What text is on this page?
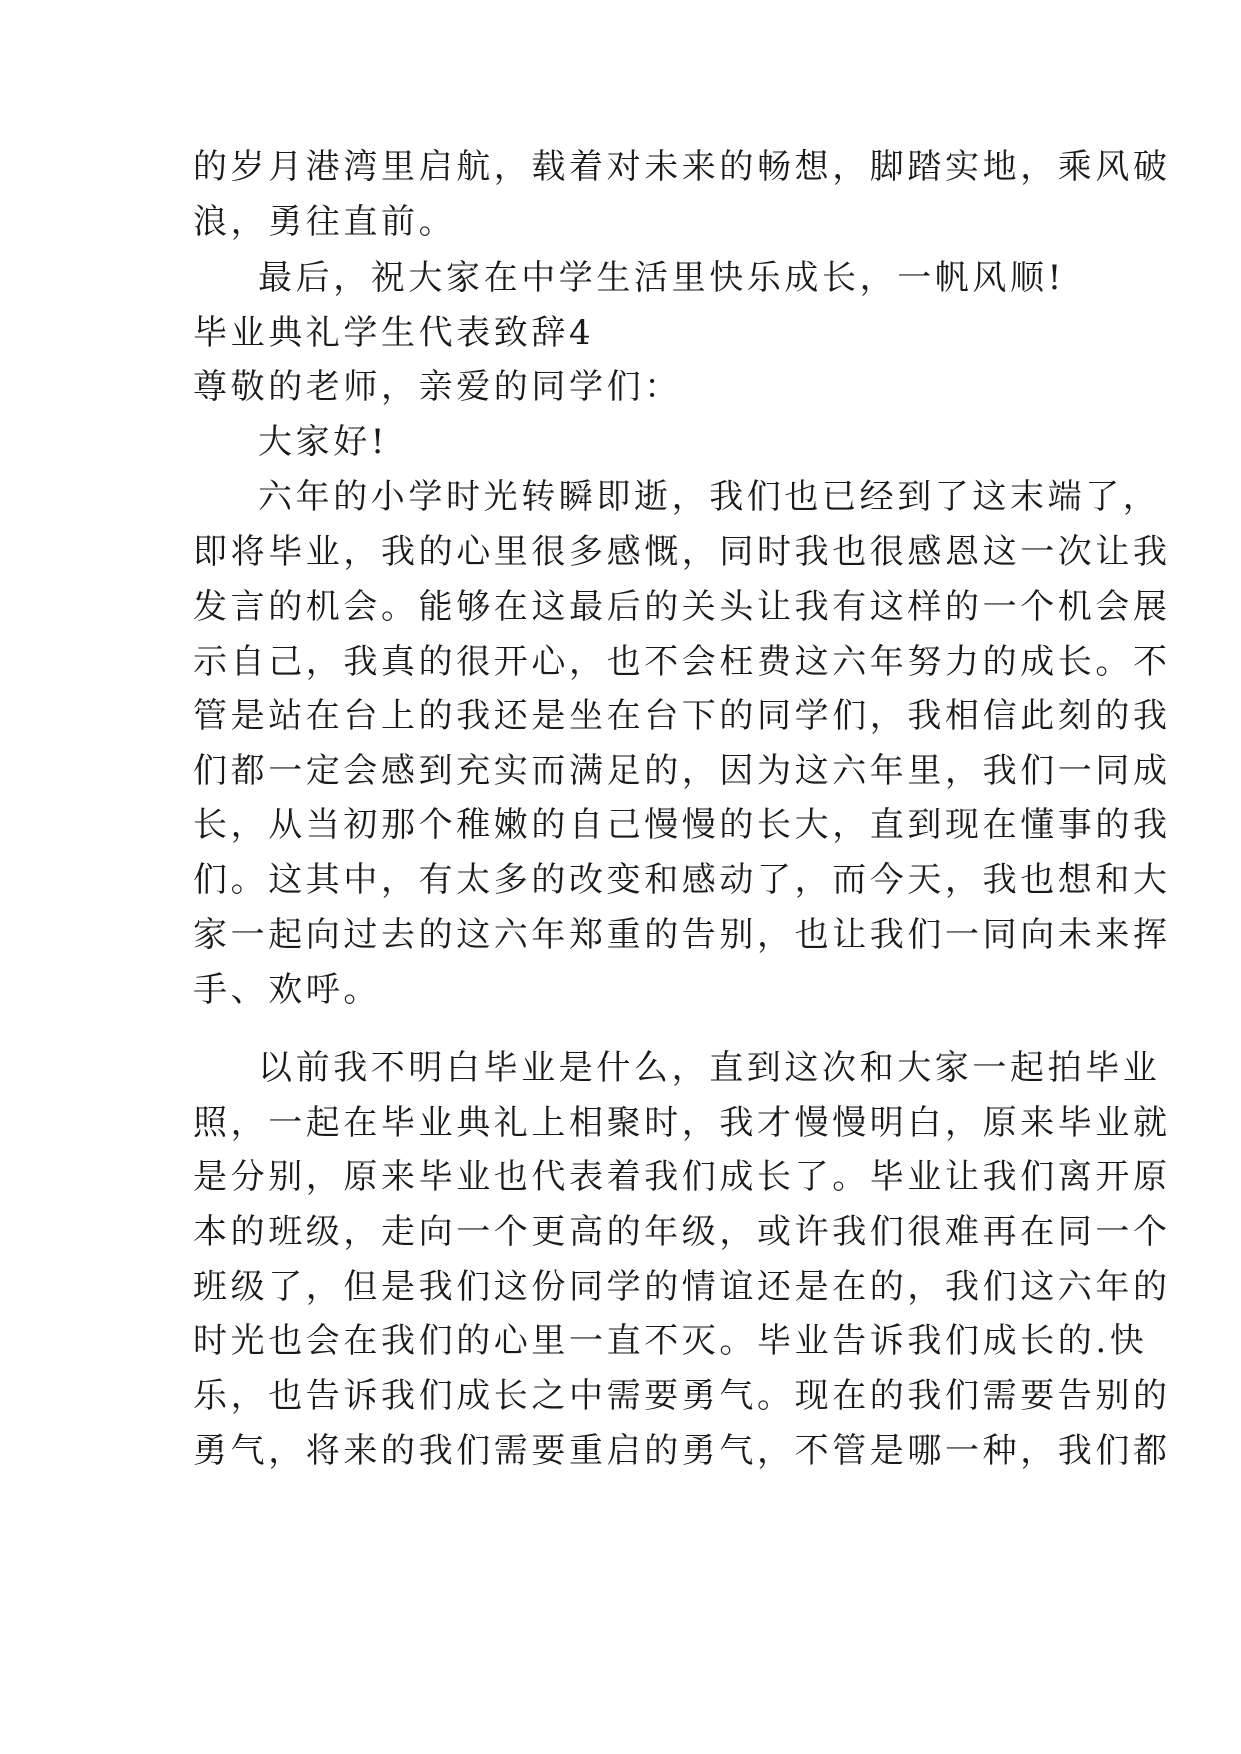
的岁月港湾里启航，载着对未来的畅想，脚踏实地，乘风破
浪，勇往直前。
最后，祝大家在中学生活里快乐成长，一帆风顺!
毕业典礼学生代表致辞4
尊敬的老师，亲爱的同学们：
大家好!
六年的小学时光转瞬即逝，我们也已经到了这末端了，
即将毕业，我的心里很多感慨，同时我也很感恩这一次让我
发言的机会。能够在这最后的关头让我有这样的一个机会展
示自己，我真的很开心，也不会枉费这六年努力的成长。不
管是站在台上的我还是坐在台下的同学们，我相信此刻的我
们都一定会感到充实而满足的，因为这六年里，我们一同成
长，从当初那个稚嫩的自己慢慢的长大，直到现在懂事的我
们。这其中，有太多的改变和感动了，而今天，我也想和大
家一起向过去的这六年郑重的告别，也让我们一同向未来挥
手、欢呼。
以前我不明白毕业是什么，直到这次和大家一起拍毕业
照，一起在毕业典礼上相聚时，我才慢慢明白，原来毕业就
是分别，原来毕业也代表着我们成长了。毕业让我们离开原
本的班级，走向一个更高的年级，或许我们很难再在同一个
班级了，但是我们这份同学的情谊还是在的，我们这六年的
时光也会在我们的心里一直不灭。毕业告诉我们成长的.快
乐，也告诉我们成长之中需要勇气。现在的我们需要告别的
勇气，将来的我们需要重启的勇气，不管是哪一种，我们都
